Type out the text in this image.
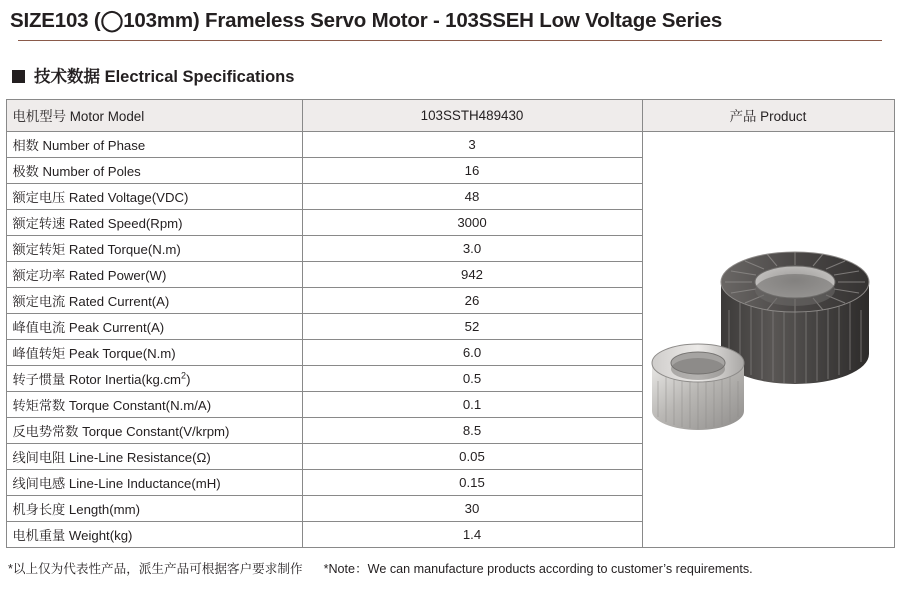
SIZE103 (◯103mm) Frameless Servo Motor - 103SSEH Low Voltage Series
技术数据 Electrical Specifications
电机型号 Motor Model	103SSTH489430	产品 Product
相数 Number of Phase	3	

极数 Number of Poles	16	
额定电压 Rated Voltage(VDC)	48	
额定转速 Rated Speed(Rpm)	3000	
额定转矩 Rated Torque(N.m)	3.0	
额定功率 Rated Power(W)	942	
额定电流 Rated Current(A)	26	
峰值电流 Peak Current(A)	52	
峰值转矩 Peak Torque(N.m)	6.0	
转子惯量 Rotor $Inertia(kg.cm^2)$	0.5	
转矩常数 Torque Constant(N.m/A)	0.1	
反电势常数 Torque Constant(V/krpm)	8.5	
线间电阻 Line-Line Resistance(Ω)	0.05	
线间电感 Line-Line Inductance(mH)	0.15	
机身长度 Length(mm)	30	
电机重量 Weight(kg)	1.4	
*以上仅为代表性产品，派生产品可根据客户要求制作 *Note：We can manufacture products according to customer’s requirements.
